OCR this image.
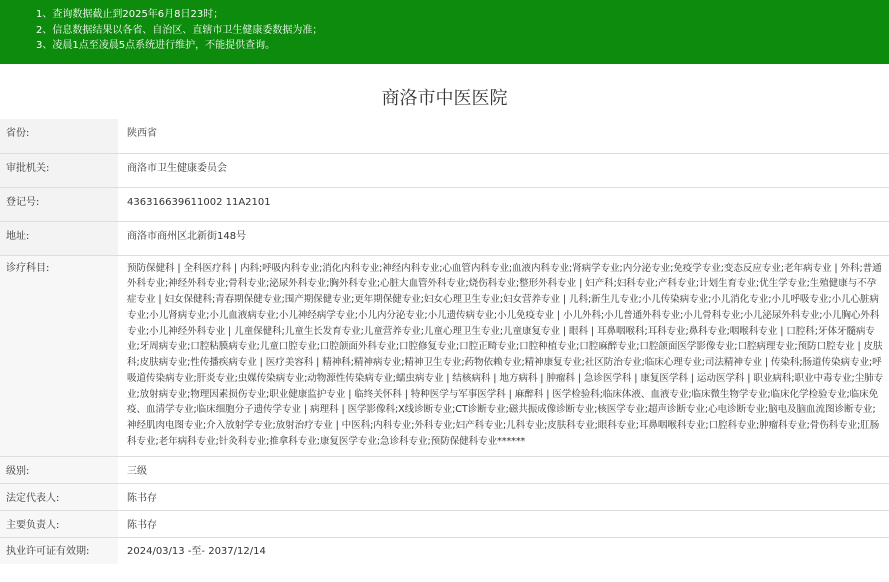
1、查询数据截止到2025年6月8日23时；
2、信息数据结果以各省、自治区、直辖市卫生健康委数据为准；
3、凌晨1点至凌晨5点系统进行维护，不能提供查询。
商洛市中医医院
省份:	陕西省
审批机关:	商洛市卫生健康委员会
登记号:	436316639611002 11A2101
地址:	商洛市商州区北新街148号
诊疗科目:	预防保健科 | 全科医疗科 | 内科;呼吸内科专业;消化内科专业;神经内科专业;心血管内科专业;血液内科专业;肾病学专业;内分泌专业;免疫学专业;变态反应专业;老年病专业 | 外科;普通外科专业;神经外科专业;骨科专业;泌尿外科专业;胸外科专业;心脏大血管外科专业;烧伤科专业;整形外科专业 | 妇产科;妇科专业;产科专业;计划生育专业;优生学专业;生殖健康与不孕症专业 | 妇女保健科;青春期保健专业;围产期保健专业;更年期保健专业;妇女心理卫生专业;妇女营养专业 | 儿科;新生儿专业;小儿传染病专业;小儿消化专业;小儿呼吸专业;小儿心脏病专业;小儿肾病专业;小儿血液病专业;小儿神经病学专业;小儿内分泌专业;小儿遗传病专业;小儿免疫专业 | 小儿外科;小儿普通外科专业;小儿骨科专业;小儿泌尿外科专业;小儿胸心外科专业;小儿神经外科专业 | 儿童保健科;儿童生长发育专业;儿童营养专业;儿童心理卫生专业;儿童康复专业 | 眼科 | 耳鼻咽喉科;耳科专业;鼻科专业;咽喉科专业 | 口腔科;牙体牙髓病专业;牙周病专业;口腔粘膜病专业;儿童口腔专业;口腔颌面外科专业;口腔修复专业;口腔正畸专业;口腔种植专业;口腔麻醉专业;口腔颌面医学影像专业;口腔病理专业;预防口腔专业 | 皮肤科;皮肤病专业;性传播疾病专业 | 医疗美容科 | 精神科;精神病专业;精神卫生专业;药物依赖专业;精神康复专业;社区防治专业;临床心理专业;司法精神专业 | 传染科;肠道传染病专业;呼吸道传染病专业;肝炎专业;虫媒传染病专业;动物源性传染病专业;蠕虫病专业 | 结核病科 | 地方病科 | 肿瘤科 | 急诊医学科 | 康复医学科 | 运动医学科 | 职业病科;职业中毒专业;尘肺专业;放射病专业;物理因素损伤专业;职业健康监护专业 | 临终关怀科 | 特种医学与军事医学科 | 麻醉科 | 医学检验科;临床体液、血液专业;临床微生物学专业;临床化学检验专业;临床免疫、血清学专业;临床细胞分子遗传学专业 | 病理科 | 医学影像科;X线诊断专业;CT诊断专业;磁共振成像诊断专业;核医学专业;超声诊断专业;心电诊断专业;脑电及脑血流图诊断专业;神经肌肉电图专业;介入放射学专业;放射治疗专业 | 中医科;内科专业;外科专业;妇产科专业;儿科专业;皮肤科专业;眼科专业;耳鼻咽喉科专业;口腔科专业;肿瘤科专业;骨伤科专业;肛肠科专业;老年病科专业;针灸科专业;推拿科专业;康复医学专业;急诊科专业;预防保健科专业******
级别:	三级
法定代表人:	陈书存
主要负责人:	陈书存
执业许可证有效期:	2024/03/13 -至- 2037/12/14
